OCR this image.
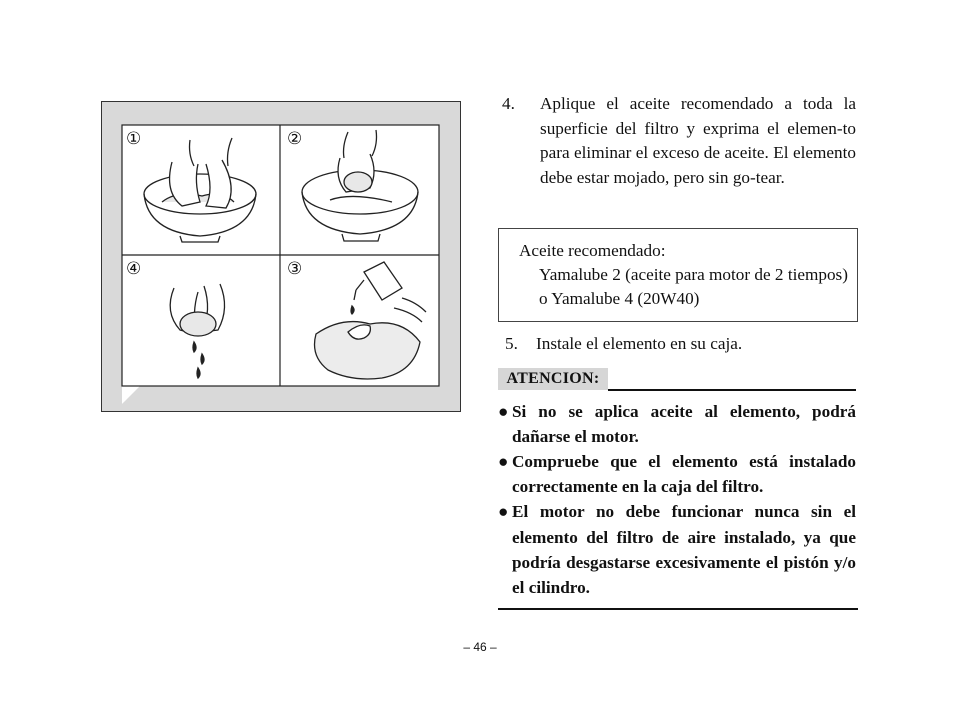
①	②
④	③
4. Aplique el aceite recomendado a toda la superficie del filtro y exprima el elemen-to para eliminar el exceso de aceite. El elemento debe estar mojado, pero sin go-tear.
Aceite recomendado:
Yamalube 2 (aceite para motor de 2 tiempos) o Yamalube 4 (20W40)
5. Instale el elemento en su caja.
ATENCION:
● Si no se aplica aceite al elemento, podrá dañarse el motor.
● Compruebe que el elemento está instalado correctamente en la caja del filtro.
● El motor no debe funcionar nunca sin el elemento del filtro de aire instalado, ya que podría desgastarse excesivamente el pistón y/o el cilindro.
– 46 –
